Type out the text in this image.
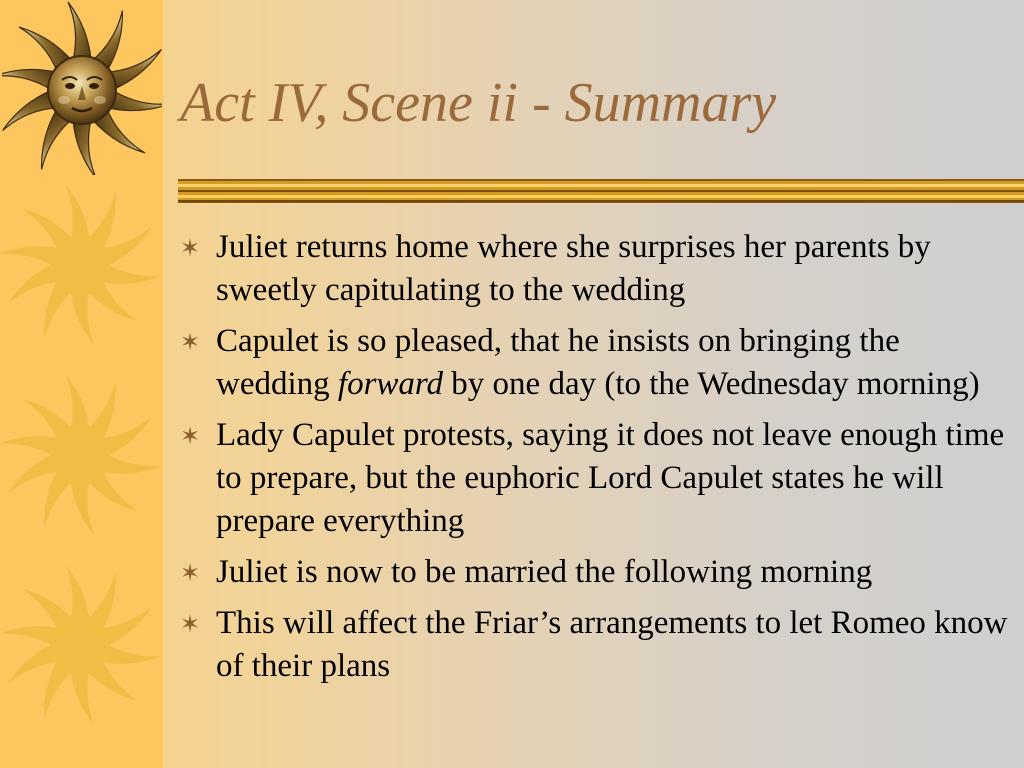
Act IV, Scene ii - Summary
✶ Juliet returns home where she surprises her parents by sweetly capitulating to the wedding
✶ Capulet is so pleased, that he insists on bringing the wedding forward by one day (to the Wednesday morning)
✶ Lady Capulet protests, saying it does not leave enough time to prepare, but the euphoric Lord Capulet states he will prepare everything
✶ Juliet is now to be married the following morning
✶ This will affect the Friar’s arrangements to let Romeo know of their plans
